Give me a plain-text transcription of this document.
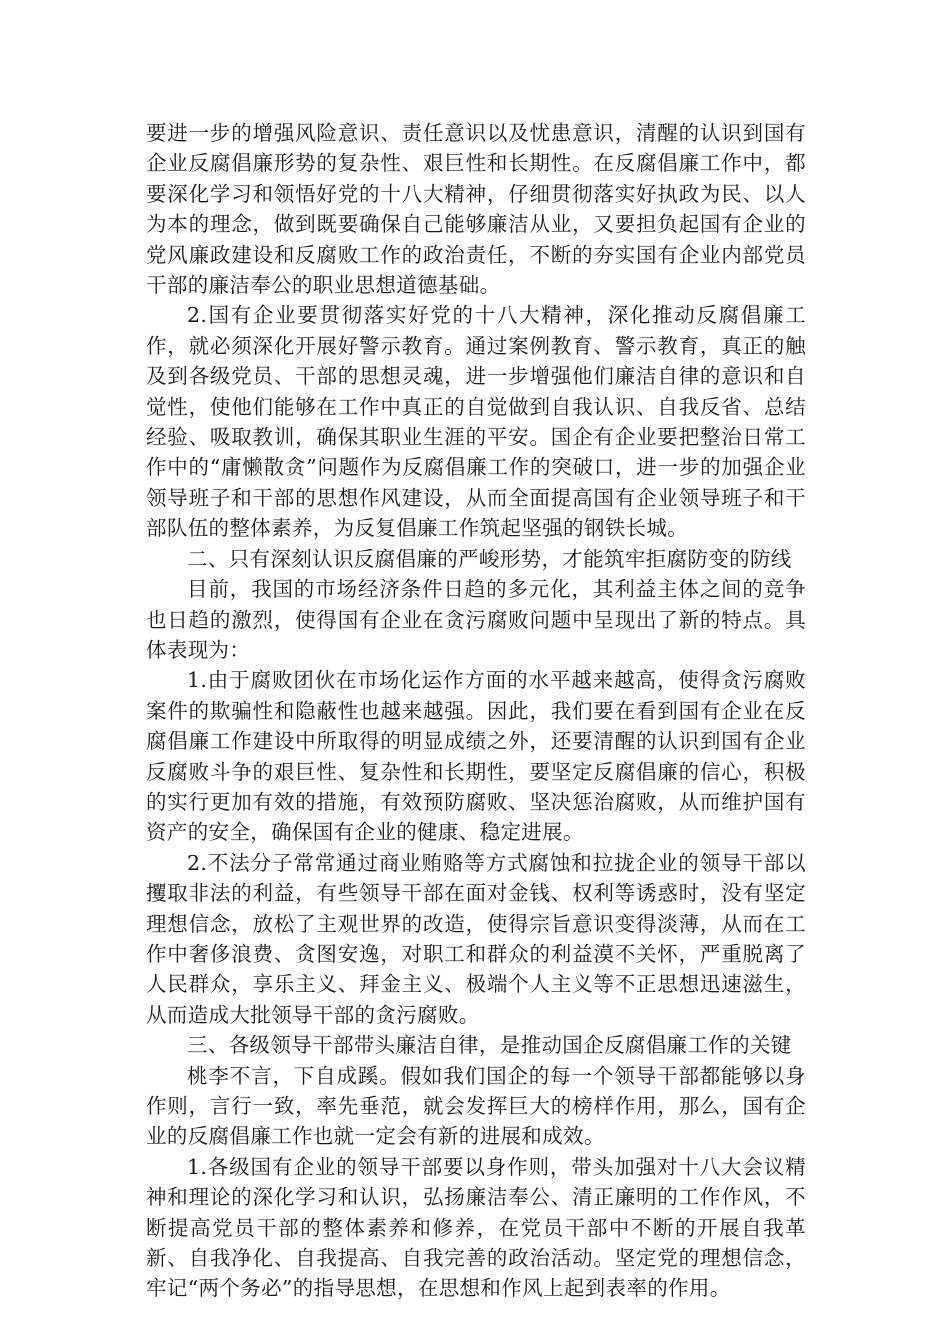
要进一步的增强风险意识、责任意识以及忧患意识，清醒的认识到国有企业反腐倡廉形势的复杂性、艰巨性和长期性。在反腐倡廉工作中，都要深化学习和领悟好党的十八大精神，仔细贯彻落实好执政为民、以人为本的理念，做到既要确保自己能够廉洁从业，又要担负起国有企业的党风廉政建设和反腐败工作的政治责任，不断的夯实国有企业内部党员干部的廉洁奉公的职业思想道德基础。

2.国有企业要贯彻落实好党的十八大精神，深化推动反腐倡廉工作，就必须深化开展好警示教育。通过案例教育、警示教育，真正的触及到各级党员、干部的思想灵魂，进一步增强他们廉洁自律的意识和自觉性，使他们能够在工作中真正的自觉做到自我认识、自我反省、总结经验、吸取教训，确保其职业生涯的平安。国企有企业要把整治日常工作中的“庸懒散贪”问题作为反腐倡廉工作的突破口，进一步的加强企业领导班子和干部的思想作风建设，从而全面提高国有企业领导班子和干部队伍的整体素养，为反复倡廉工作筑起坚强的钢铁长城。

二、只有深刻认识反腐倡廉的严峻形势，才能筑牢拒腐防变的防线

目前，我国的市场经济条件日趋的多元化，其利益主体之间的竞争也日趋的激烈，使得国有企业在贪污腐败问题中呈现出了新的特点。具体表现为：

1.由于腐败团伙在市场化运作方面的水平越来越高，使得贪污腐败案件的欺骗性和隐蔽性也越来越强。因此，我们要在看到国有企业在反腐倡廉工作建设中所取得的明显成绩之外，还要清醒的认识到国有企业反腐败斗争的艰巨性、复杂性和长期性，要坚定反腐倡廉的信心，积极的实行更加有效的措施，有效预防腐败、坚决惩治腐败，从而维护国有资产的安全，确保国有企业的健康、稳定进展。

2.不法分子常常通过商业贿赂等方式腐蚀和拉拢企业的领导干部以攫取非法的利益，有些领导干部在面对金钱、权利等诱惑时，没有坚定理想信念，放松了主观世界的改造，使得宗旨意识变得淡薄，从而在工作中奢侈浪费、贪图安逸，对职工和群众的利益漠不关怀，严重脱离了人民群众，享乐主义、拜金主义、极端个人主义等不正思想迅速滋生，从而造成大批领导干部的贪污腐败。

三、各级领导干部带头廉洁自律，是推动国企反腐倡廉工作的关键

桃李不言，下自成蹊。假如我们国企的每一个领导干部都能够以身作则，言行一致，率先垂范，就会发挥巨大的榜样作用，那么，国有企业的反腐倡廉工作也就一定会有新的进展和成效。

1.各级国有企业的领导干部要以身作则，带头加强对十八大会议精神和理论的深化学习和认识，弘扬廉洁奉公、清正廉明的工作作风，不断提高党员干部的整体素养和修养，在党员干部中不断的开展自我革新、自我净化、自我提高、自我完善的政治活动。坚定党的理想信念，牢记“两个务必”的指导思想，在思想和作风上起到表率的作用。
